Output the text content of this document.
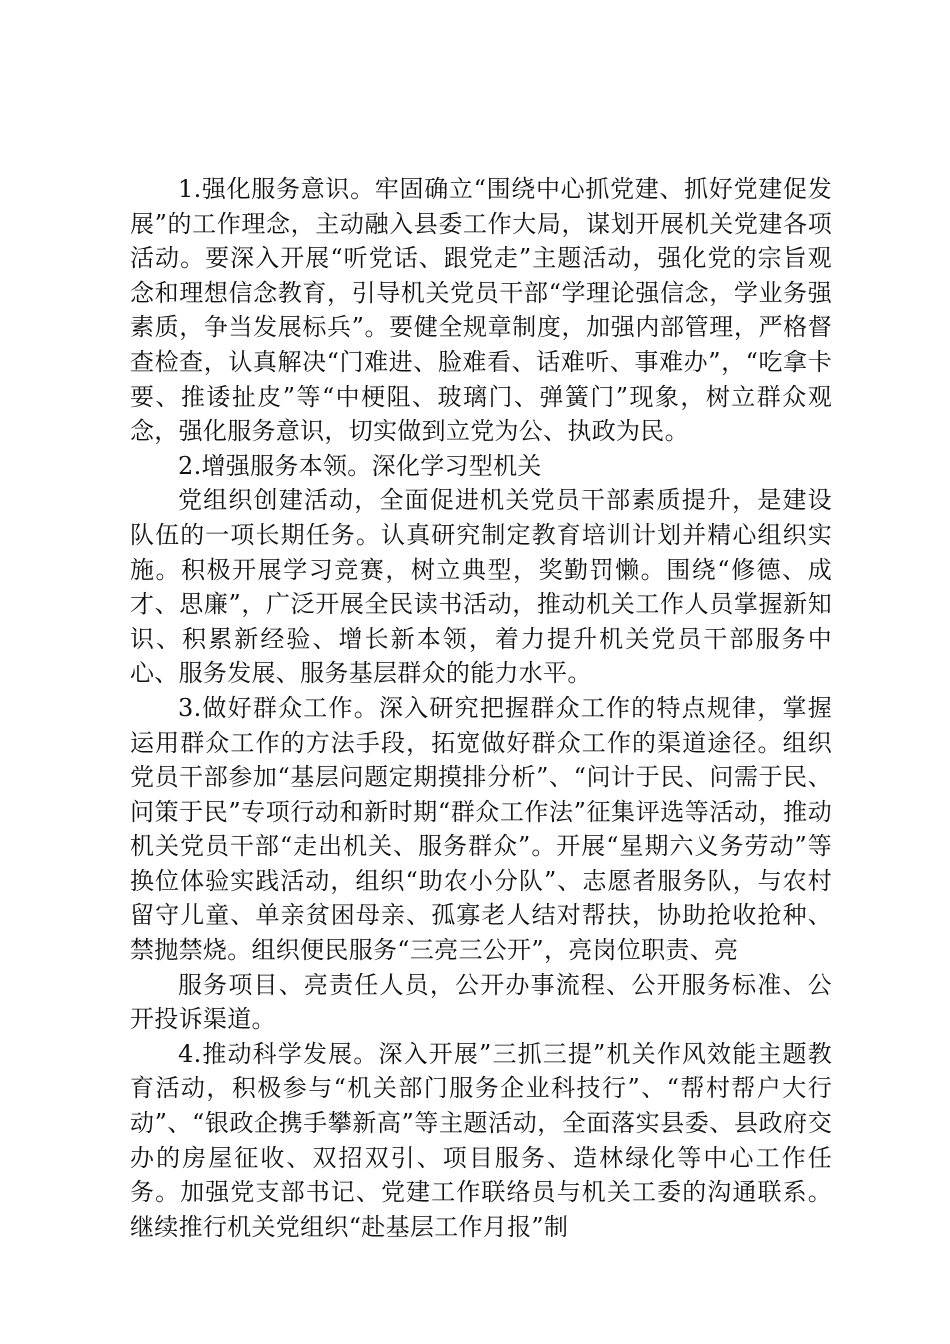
1.强化服务意识。牢固确立“围绕中心抓党建、抓好党建促发展”的工作理念，主动融入县委工作大局，谋划开展机关党建各项活动。要深入开展“听党话、跟党走”主题活动，强化党的宗旨观念和理想信念教育，引导机关党员干部“学理论强信念，学业务强素质，争当发展标兵”。要健全规章制度，加强内部管理，严格督查检查，认真解决“门难进、脸难看、话难听、事难办”，“吃拿卡要、推诿扯皮”等“中梗阻、玻璃门、弹簧门”现象，树立群众观念，强化服务意识，切实做到立党为公、执政为民。

2.增强服务本领。深化学习型机关

党组织创建活动，全面促进机关党员干部素质提升，是建设队伍的一项长期任务。认真研究制定教育培训计划并精心组织实施。积极开展学习竞赛，树立典型，奖勤罚懒。围绕“修德、成才、思廉”，广泛开展全民读书活动，推动机关工作人员掌握新知识、积累新经验、增长新本领，着力提升机关党员干部服务中心、服务发展、服务基层群众的能力水平。

3.做好群众工作。深入研究把握群众工作的特点规律，掌握运用群众工作的方法手段，拓宽做好群众工作的渠道途径。组织党员干部参加“基层问题定期摸排分析”、“问计于民、问需于民、问策于民”专项行动和新时期“群众工作法”征集评选等活动，推动机关党员干部“走出机关、服务群众”。开展“星期六义务劳动”等换位体验实践活动，组织“助农小分队”、志愿者服务队，与农村留守儿童、单亲贫困母亲、孤寡老人结对帮扶，协助抢收抢种、禁抛禁烧。组织便民服务“三亮三公开”，亮岗位职责、亮

服务项目、亮责任人员，公开办事流程、公开服务标准、公开投诉渠道。

4.推动科学发展。深入开展”三抓三提”机关作风效能主题教育活动，积极参与“机关部门服务企业科技行”、“帮村帮户大行动”、“银政企携手攀新高”等主题活动，全面落实县委、县政府交办的房屋征收、双招双引、项目服务、造林绿化等中心工作任务。加强党支部书记、党建工作联络员与机关工委的沟通联系。继续推行机关党组织“赴基层工作月报”制
